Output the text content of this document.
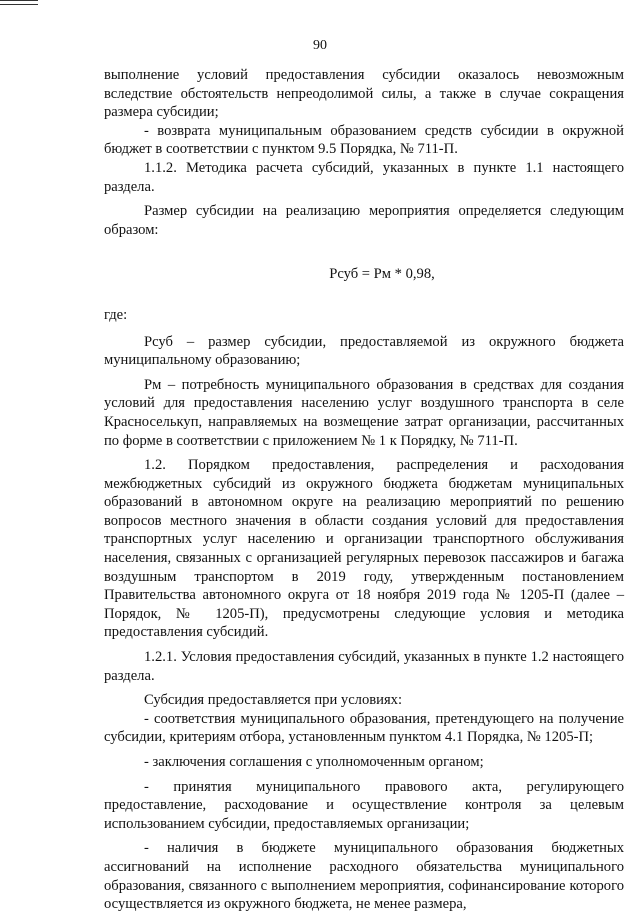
90

выполнение условий предоставления субсидии оказалось невозможным вследствие обстоятельств непреодолимой силы, а также в случае сокращения размера субсидии;

- возврата муниципальным образованием средств субсидии в окружной бюджет в соответствии с пунктом 9.5 Порядка, № 711-П.

1.1.2. Методика расчета субсидий, указанных в пункте 1.1 настоящего раздела.

Размер субсидии на реализацию мероприятия определяется следующим образом:

Рсуб = Рм * 0,98,

где:

Рсуб – размер субсидии, предоставляемой из окружного бюджета муниципальному образованию;

Рм – потребность муниципального образования в средствах для создания условий для предоставления населению услуг воздушного транспорта в селе Красноселькуп, направляемых на возмещение затрат организации, рассчитанных по форме в соответствии с приложением № 1 к Порядку, № 711-П.

1.2. Порядком предоставления, распределения и расходования межбюджетных субсидий из окружного бюджета бюджетам муниципальных образований в автономном округе на реализацию мероприятий по решению вопросов местного значения в области создания условий для предоставления транспортных услуг населению и организации транспортного обслуживания населения, связанных с организацией регулярных перевозок пассажиров и багажа воздушным транспортом в 2019 году, утвержденным постановлением Правительства автономного округа от 18 ноября 2019 года № 1205-П (далее – Порядок, № 1205-П), предусмотрены следующие условия и методика предоставления субсидий.

1.2.1. Условия предоставления субсидий, указанных в пункте 1.2 настоящего раздела.

Субсидия предоставляется при условиях:

- соответствия муниципального образования, претендующего на получение субсидии, критериям отбора, установленным пунктом 4.1 Порядка, № 1205-П;

- заключения соглашения с уполномоченным органом;

- принятия муниципального правового акта, регулирующего предоставление, расходование и осуществление контроля за целевым использованием субсидии, предоставляемых организации;

- наличия в бюджете муниципального образования бюджетных ассигнований на исполнение расходного обязательства муниципального образования, связанного с выполнением мероприятия, софинансирование которого осуществляется из окружного бюджета, не менее размера,
